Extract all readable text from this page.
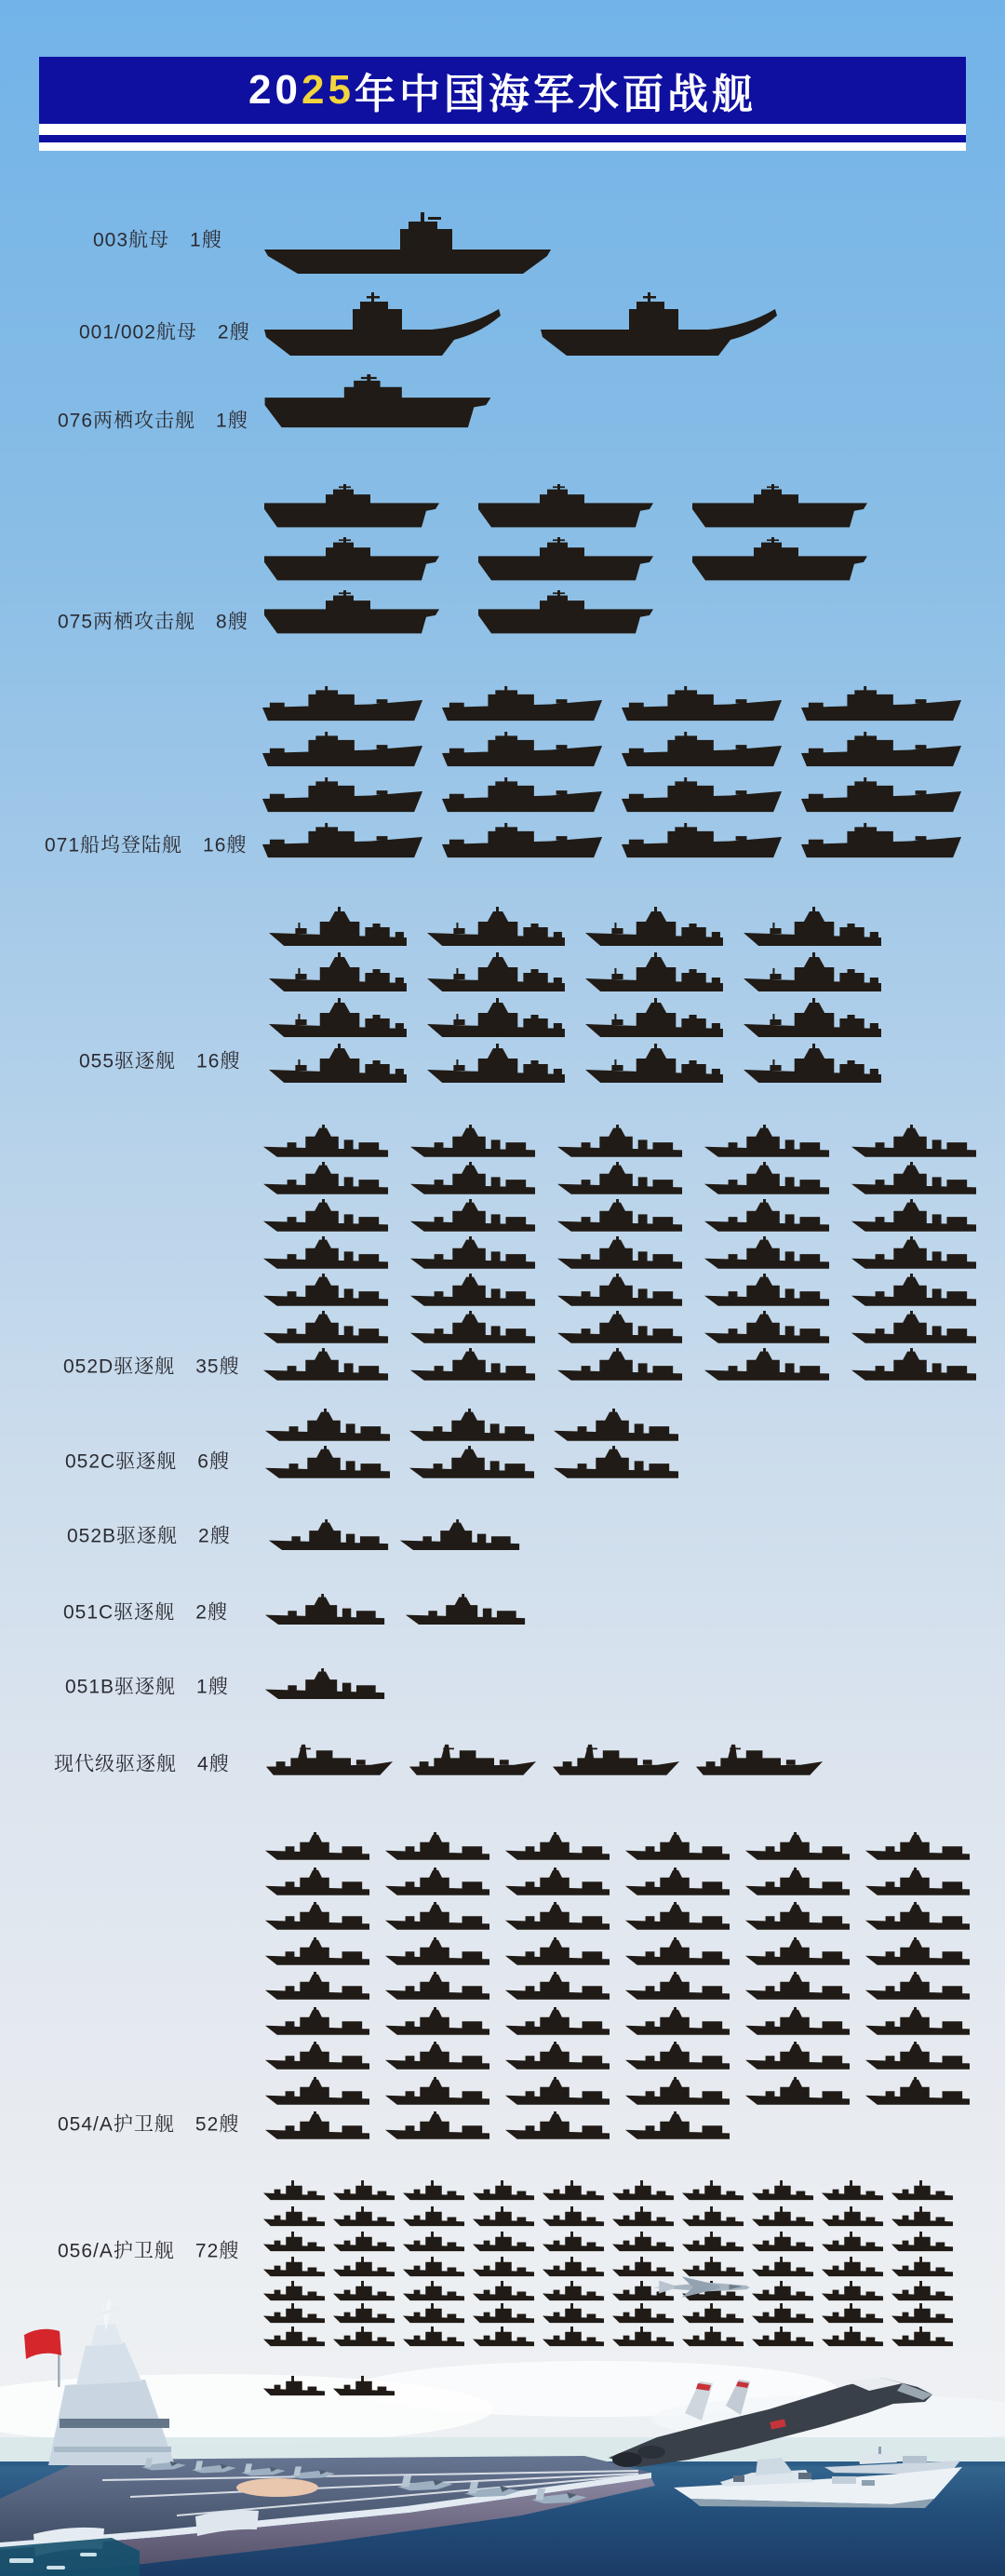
20 25 年中国海军水面战舰
003航母 1艘
001/002航母 2艘
076两栖攻击舰 1艘
075两栖攻击舰 8艘
071船坞登陆舰 16艘
055驱逐舰 16艘
052D驱逐舰 35艘
052C驱逐舰 6艘
052B驱逐舰 2艘
051C驱逐舰 2艘
051B驱逐舰 1艘
现代级驱逐舰 4艘
054/A护卫舰 52艘
056/A护卫舰 72艘
